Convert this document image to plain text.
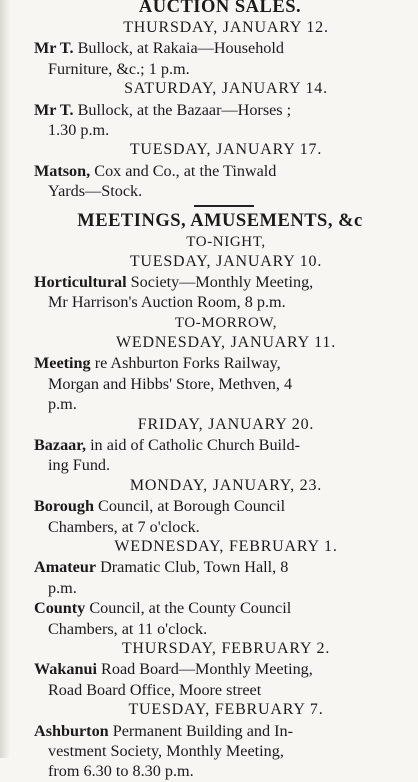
AUCTION SALES.
THURSDAY, JANUARY 12.
Mr T. Bullock, at Rakaia—Household
Furniture, &c.; 1 p.m.
SATURDAY, JANUARY 14.
Mr T. Bullock, at the Bazaar—Horses ;
1.30 p.m.
TUESDAY, JANUARY 17.
Matson, Cox and Co., at the Tinwald
Yards—Stock.
MEETINGS, AMUSEMENTS, &c
TO-NIGHT,
TUESDAY, JANUARY 10.
Horticultural Society—Monthly Meeting,
Mr Harrison's Auction Room, 8 p.m.
TO-MORROW,
WEDNESDAY, JANUARY 11.
Meeting re Ashburton Forks Railway,
Morgan and Hibbs' Store, Methven, 4
p.m.
FRIDAY, JANUARY 20.
Bazaar, in aid of Catholic Church Build-
ing Fund.
MONDAY, JANUARY, 23.
Borough Council, at Borough Council
Chambers, at 7 o'clock.
WEDNESDAY, FEBRUARY 1.
Amateur Dramatic Club, Town Hall, 8
p.m.
County Council, at the County Council
Chambers, at 11 o'clock.
THURSDAY, FEBRUARY 2.
Wakanui Road Board—Monthly Meeting,
Road Board Office, Moore street
TUESDAY, FEBRUARY 7.
Ashburton Permanent Building and In-
vestment Society, Monthly Meeting,
from 6.30 to 8.30 p.m.
